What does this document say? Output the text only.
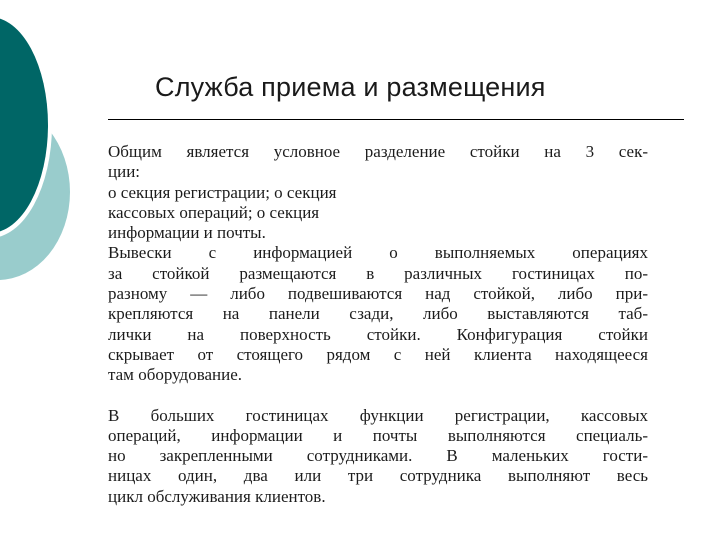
Служба приема и размещения
Общим является условное разделение стойки на 3 сек-
ции:
о секция регистрации; о секция
кассовых операций; о секция
информации и почты.
Вывески с информацией о выполняемых операциях
за стойкой размещаются в различных гостиницах по-
разному — либо подвешиваются над стойкой, либо при-
крепляются на панели сзади, либо выставляются таб-
лички на поверхность стойки. Конфигурация стойки
скрывает от стоящего рядом с ней клиента находящееся
там оборудование.
В больших гостиницах функции регистрации, кассовых
операций, информации и почты выполняются специаль-
но закрепленными сотрудниками. В маленьких гости-
ницах один, два или три сотрудника выполняют весь
цикл обслуживания клиентов.
